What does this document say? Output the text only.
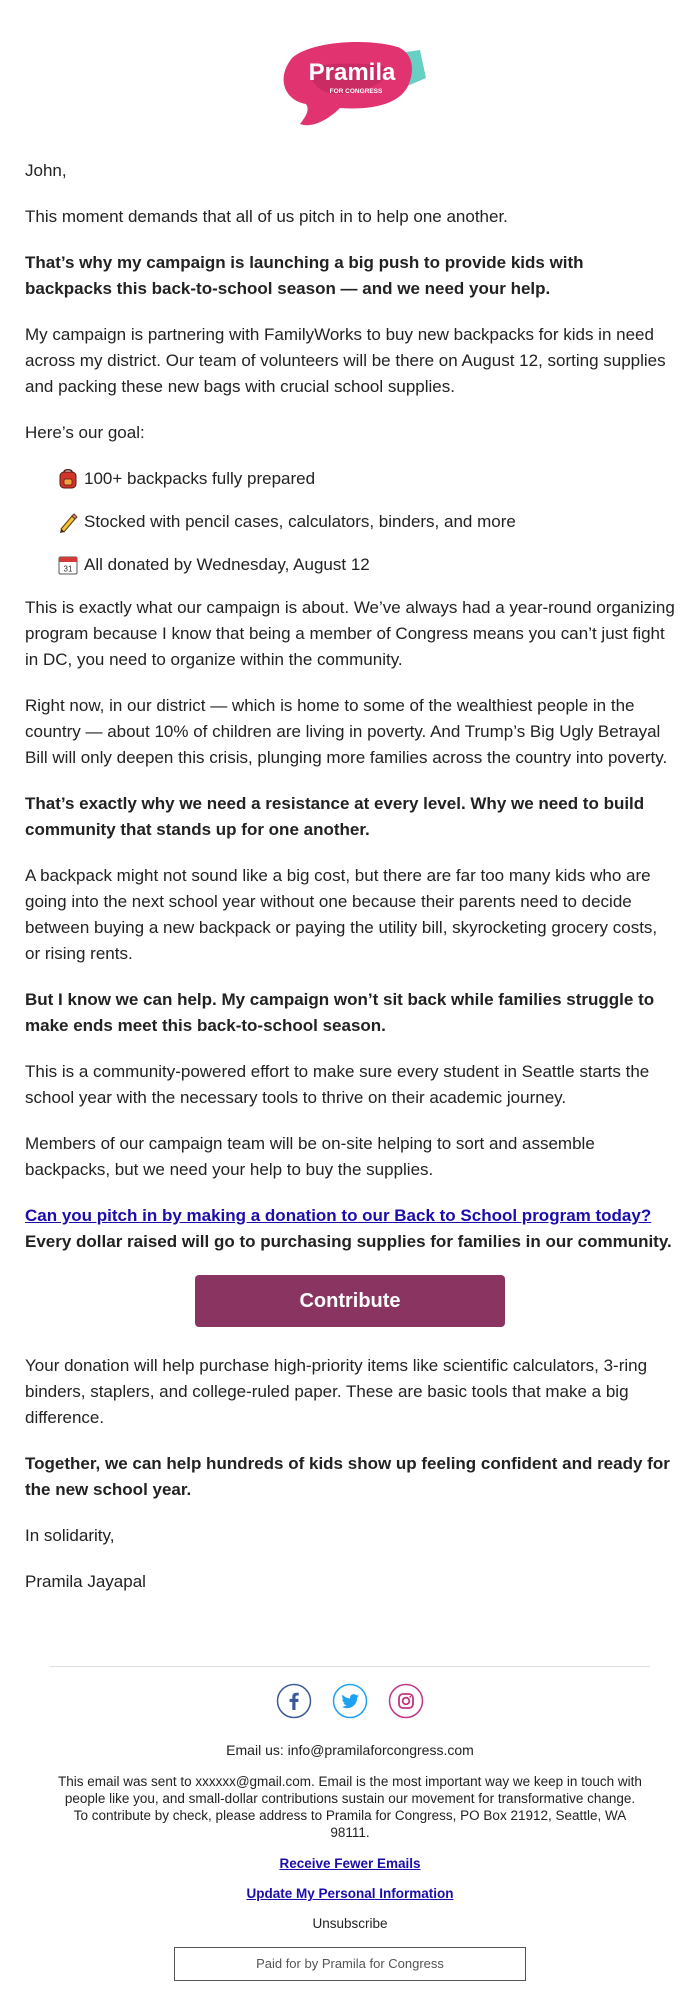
Pramila
FOR CONGRESS

John,

This moment demands that all of us pitch in to help one another.

That’s why my campaign is launching a big push to provide kids with backpacks this back-to-school season — and we need your help.

My campaign is partnering with FamilyWorks to buy new backpacks for kids in need across my district. Our team of volunteers will be there on August 12, sorting supplies and packing these new bags with crucial school supplies.

Here’s our goal:

100+ backpacks fully prepared
Stocked with pencil cases, calculators, binders, and more
31 All donated by Wednesday, August 12

This is exactly what our campaign is about. We’ve always had a year-round organizing program because I know that being a member of Congress means you can’t just fight in DC, you need to organize within the community.

Right now, in our district — which is home to some of the wealthiest people in the country — about 10% of children are living in poverty. And Trump’s Big Ugly Betrayal Bill will only deepen this crisis, plunging more families across the country into poverty.

That’s exactly why we need a resistance at every level. Why we need to build community that stands up for one another.

A backpack might not sound like a big cost, but there are far too many kids who are going into the next school year without one because their parents need to decide between buying a new backpack or paying the utility bill, skyrocketing grocery costs, or rising rents.

But I know we can help. My campaign won’t sit back while families struggle to make ends meet this back-to-school season.

This is a community-powered effort to make sure every student in Seattle starts the school year with the necessary tools to thrive on their academic journey.

Members of our campaign team will be on-site helping to sort and assemble backpacks, but we need your help to buy the supplies.

Can you pitch in by making a donation to our Back to School program today? Every dollar raised will go to purchasing supplies for families in our community.

Contribute

Your donation will help purchase high-priority items like scientific calculators, 3-ring binders, staplers, and college-ruled paper. These are basic tools that make a big difference.

Together, we can help hundreds of kids show up feeling confident and ready for the new school year.

In solidarity,

Pramila Jayapal

Email us: info@pramilaforcongress.com
This email was sent to xxxxxx@gmail.com. Email is the most important way we keep in touch with people like you, and small-dollar contributions sustain our movement for transformative change. To contribute by check, please address to Pramila for Congress, PO Box 21912, Seattle, WA 98111.
Receive Fewer Emails
Update My Personal Information
Unsubscribe
Paid for by Pramila for Congress
